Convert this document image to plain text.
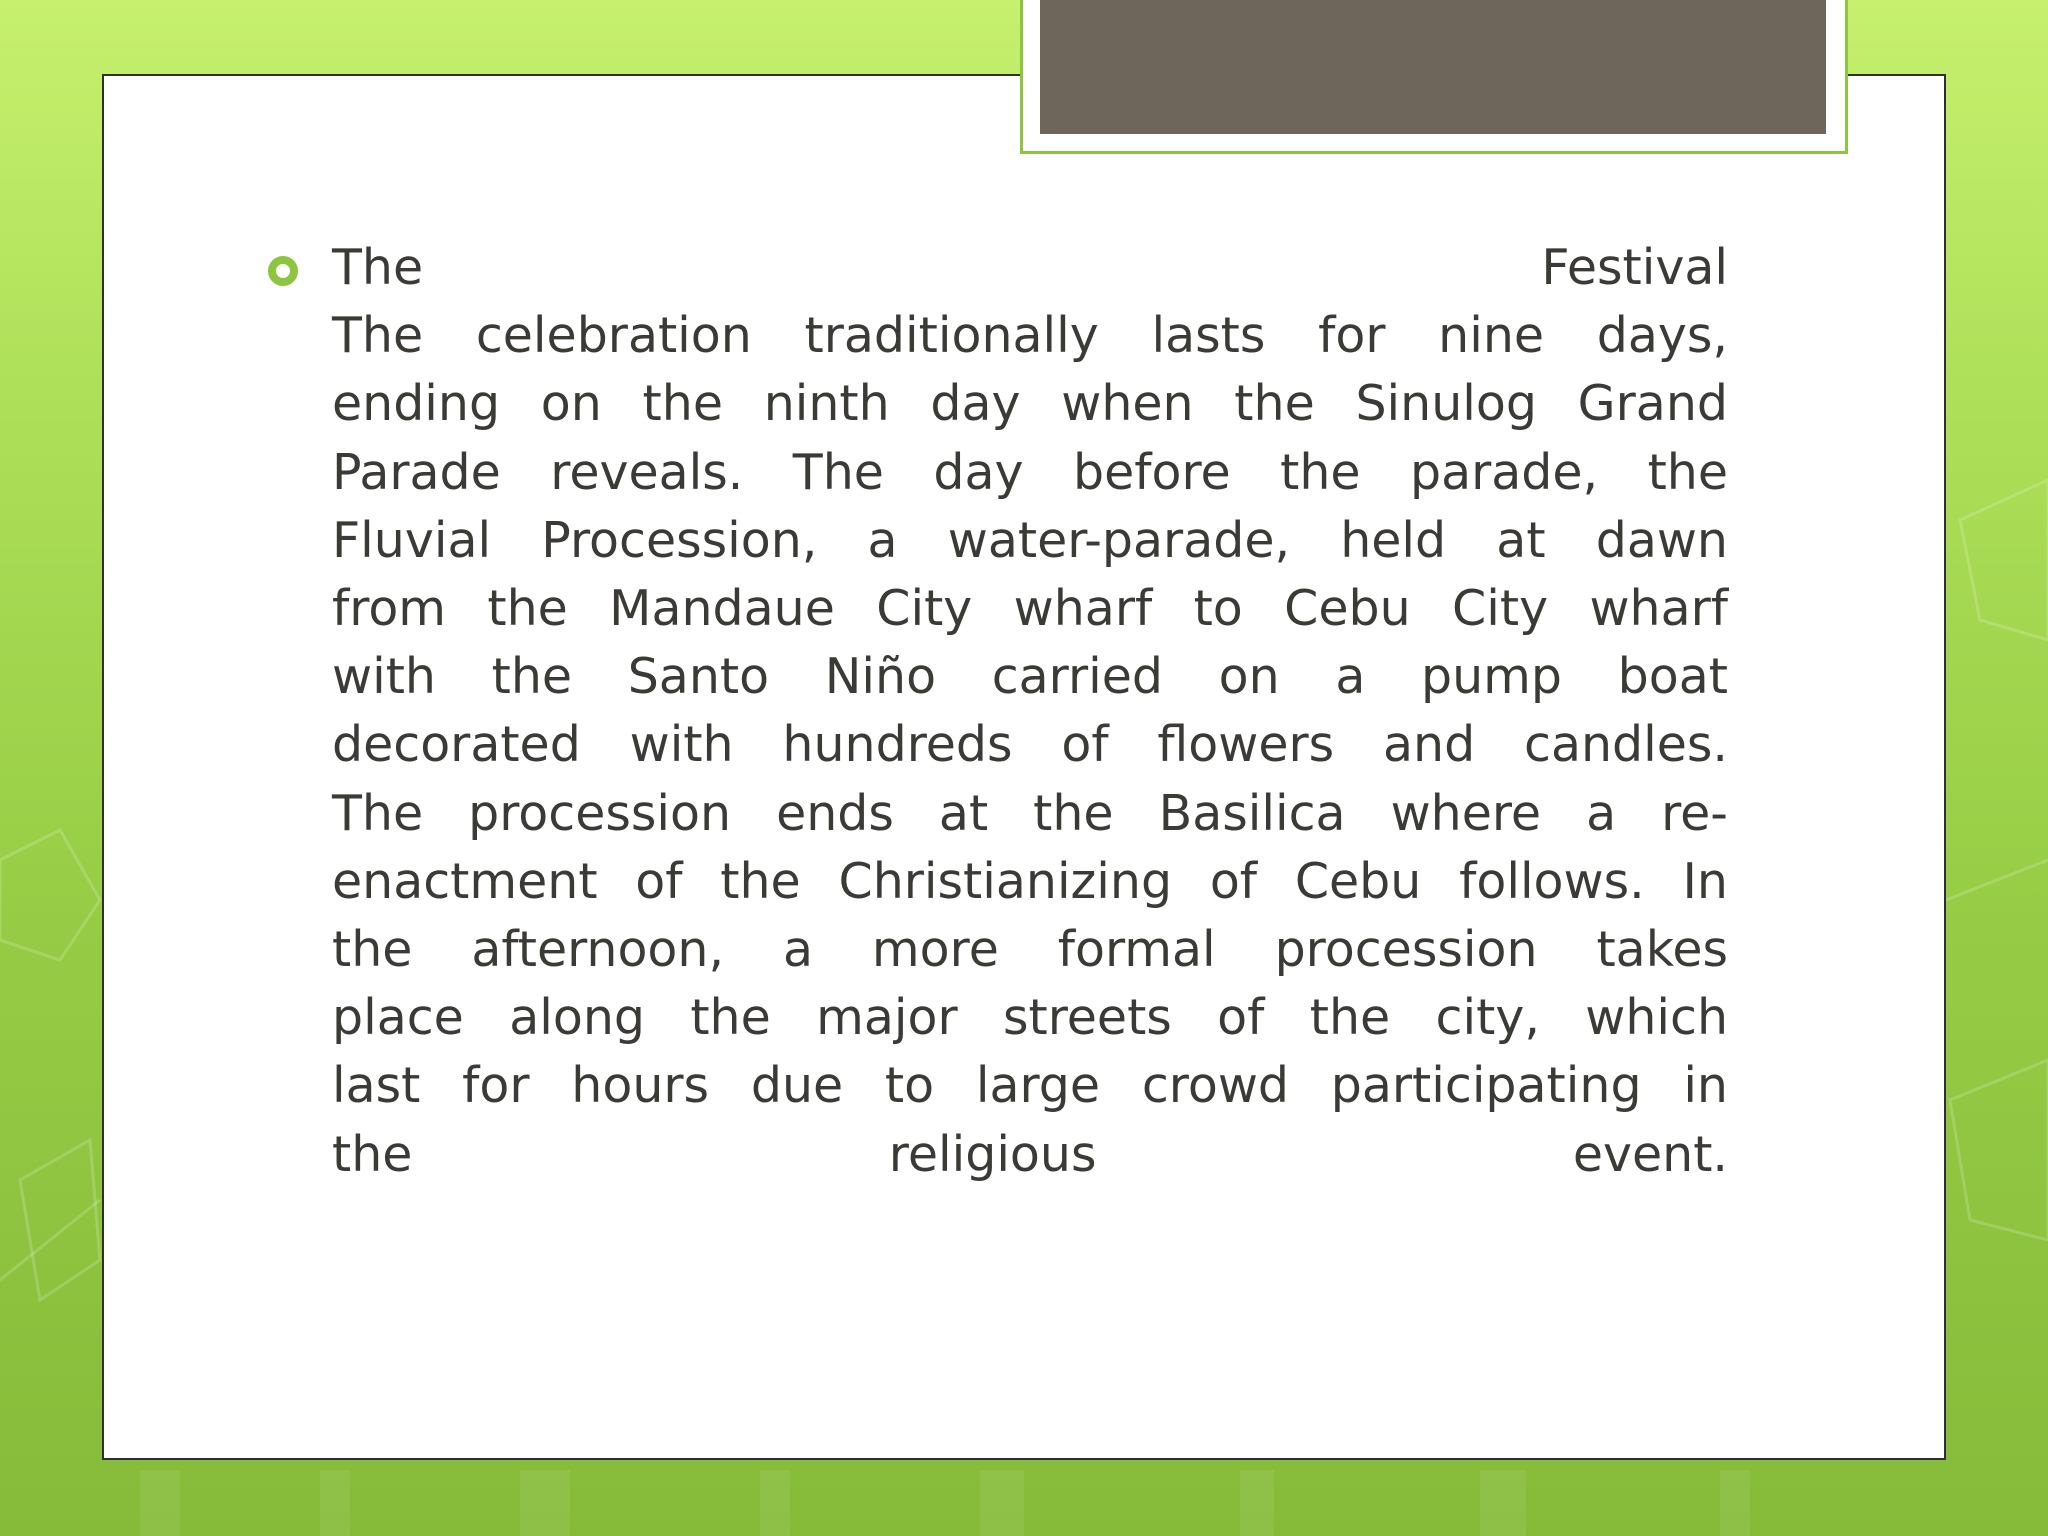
The Festival
The celebration traditionally lasts for nine days,
ending on the ninth day when the Sinulog Grand
Parade reveals. The day before the parade, the
Fluvial Procession, a water-parade, held at dawn
from the Mandaue City wharf to Cebu City wharf
with the Santo Niño carried on a pump boat
decorated with hundreds of flowers and candles.
The procession ends at the Basilica where a re-
enactment of the Christianizing of Cebu follows. In
the afternoon, a more formal procession takes
place along the major streets of the city, which
last for hours due to large crowd participating in
the religious event.
